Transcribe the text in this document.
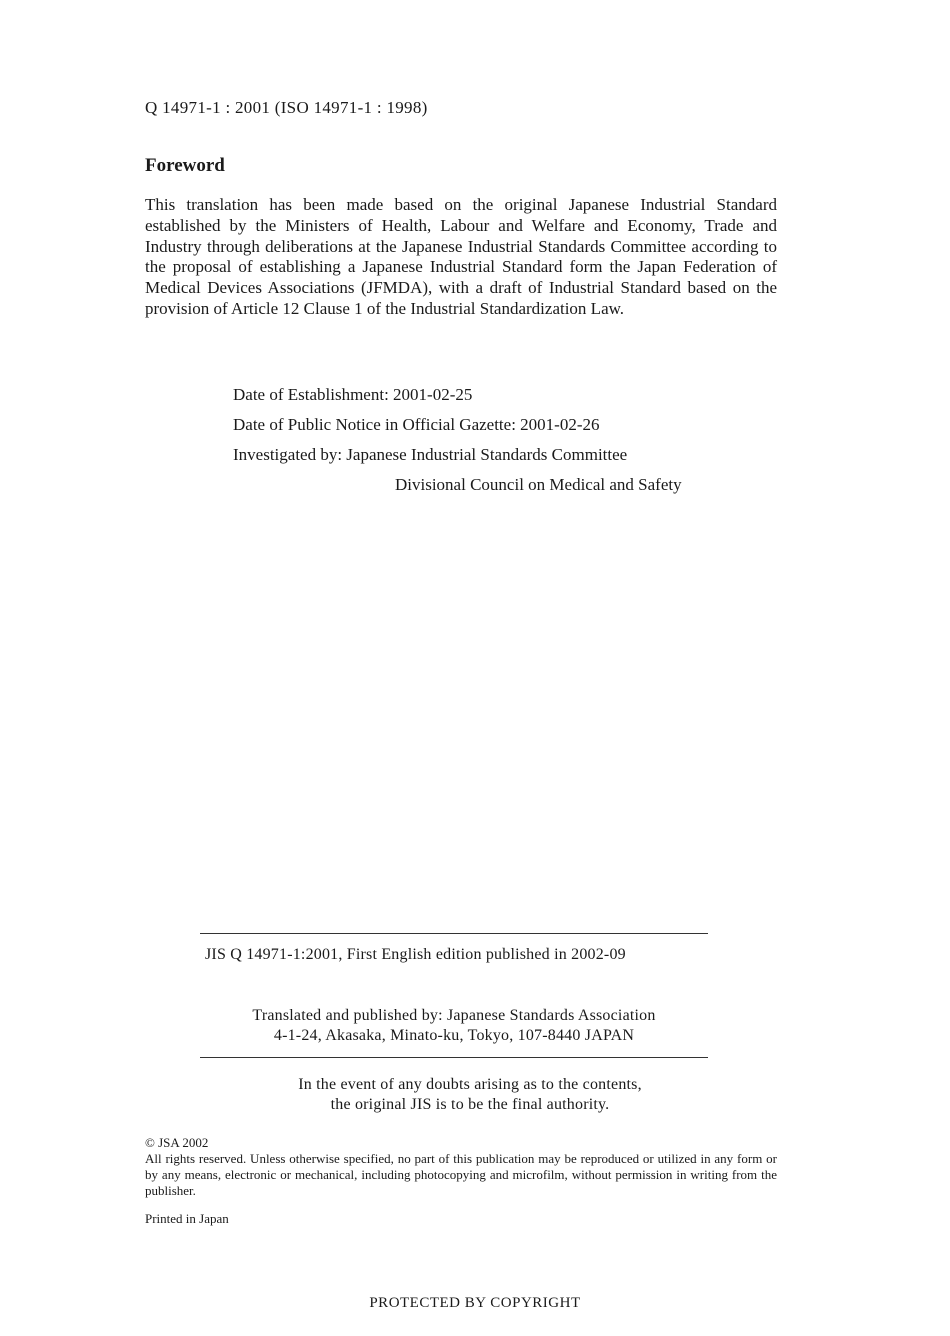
Q 14971-1 : 2001 (ISO 14971-1 : 1998)
Foreword

This translation has been made based on the original Japanese Industrial Standard established by the Ministers of Health, Labour and Welfare and Economy, Trade and Industry through deliberations at the Japanese Industrial Standards Committee according to the proposal of establishing a Japanese Industrial Standard form the Japan Federation of Medical Devices Associations (JFMDA), with a draft of Industrial Standard based on the provision of Article 12 Clause 1 of the Industrial Standardization Law.

Date of Establishment: 2001-02-25
Date of Public Notice in Official Gazette: 2001-02-26
Investigated by: Japanese Industrial Standards Committee
Divisional Council on Medical and Safety
JIS Q 14971-1:2001, First English edition published in 2002-09
Translated and published by: Japanese Standards Association
4-1-24, Akasaka, Minato-ku, Tokyo, 107-8440 JAPAN
In the event of any doubts arising as to the contents,
the original JIS is to be the final authority.
© JSA 2002
All rights reserved. Unless otherwise specified, no part of this publication may be reproduced or utilized in any form or by any means, electronic or mechanical, including photocopying and microfilm, without permission in writing from the publisher.
Printed in Japan
PROTECTED BY COPYRIGHT
